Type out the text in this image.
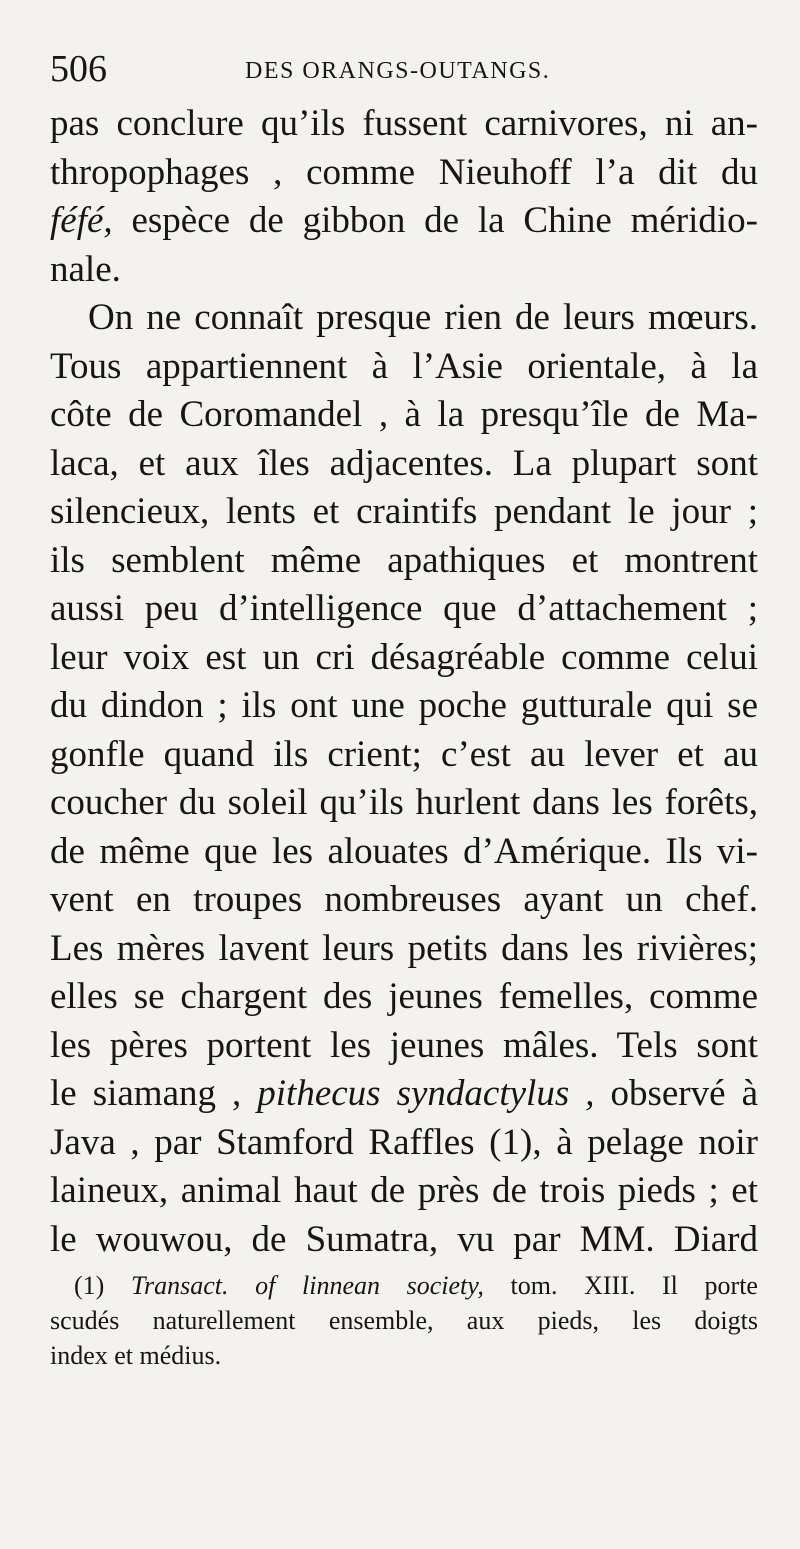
506	DES ORANGS-OUTANGS.
pas conclure qu’ils fussent carnivores, ni an-
thropophages , comme Nieuhoff l’a dit du
féfé, espèce de gibbon de la Chine méridio-
nale.
On ne connaît presque rien de leurs mœurs.
Tous appartiennent à l’Asie orientale, à la
côte de Coromandel , à la presqu’île de Ma-
laca, et aux îles adjacentes. La plupart sont
silencieux, lents et craintifs pendant le jour ;
ils semblent même apathiques et montrent
aussi peu d’intelligence que d’attachement ;
leur voix est un cri désagréable comme celui
du dindon ; ils ont une poche gutturale qui se
gonfle quand ils crient; c’est au lever et au
coucher du soleil qu’ils hurlent dans les forêts,
de même que les alouates d’Amérique. Ils vi-
vent en troupes nombreuses ayant un chef.
Les mères lavent leurs petits dans les rivières;
elles se chargent des jeunes femelles, comme
les pères portent les jeunes mâles. Tels sont
le siamang , pithecus syndactylus , observé à
Java , par Stamford Raffles (1), à pelage noir
laineux, animal haut de près de trois pieds ; et
le wouwou, de Sumatra, vu par MM. Diard
(1) Transact. of linnean society, tom. XIII. Il porte
scudés naturellement ensemble, aux pieds, les doigts
index et médius.
